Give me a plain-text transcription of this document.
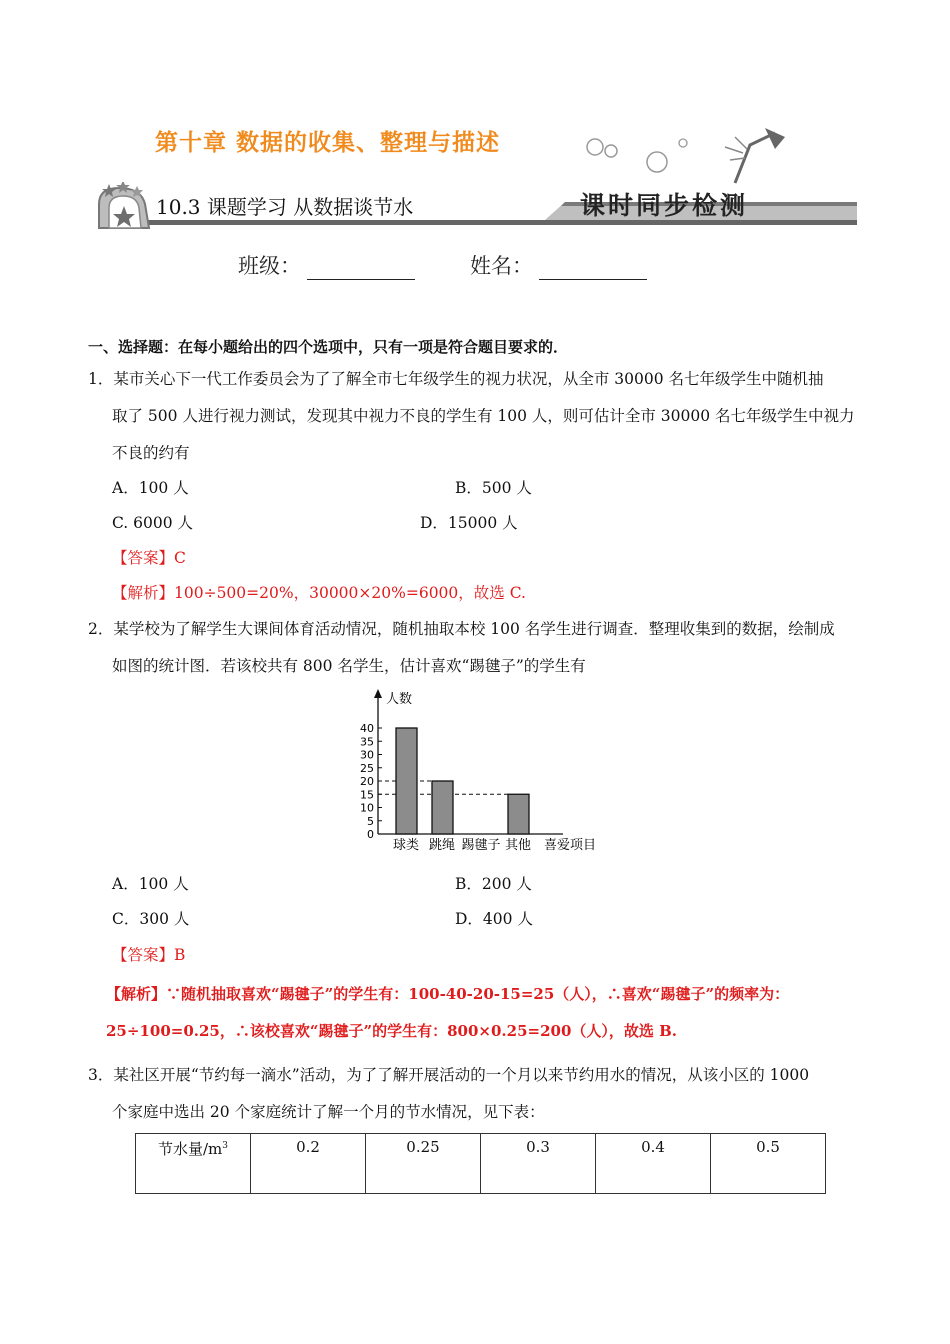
第十章 数据的收集、整理与描述
10.3 课题学习 从数据谈节水	课时同步检测
班级：	姓名：
一、选择题：在每小题给出的四个选项中，只有一项是符合题目要求的．
1．某市关心下一代工作委员会为了了解全市七年级学生的视力状况，从全市 30000 名七年级学生中随机抽
取了 500 人进行视力测试，发现其中视力不良的学生有 100 人，则可估计全市 30000 名七年级学生中视力
不良的约有
A．100 人	B．500 人
C. 6000 人	D．15000 人
【答案】C
【解析】100÷500=20%，30000×20%=6000，故选 C.
2．某学校为了解学生大课间体育活动情况，随机抽取本校 100 名学生进行调查．整理收集到的数据，绘制成
如图的统计图．若该校共有 800 名学生，估计喜欢“踢毽子”的学生有
人数
0
5
10
15
20
25
30
35
40
球类 跳绳 踢毽子 其他 喜爱项目
A．100 人	B．200 人
C．300 人	D．400 人
【答案】B
【解析】∵随机抽取喜欢“踢毽子”的学生有：100-40-20-15=25（人），∴喜欢“踢毽子”的频率为：
25÷100=0.25，∴该校喜欢“踢毽子”的学生有：800×0.25=200（人），故选 B.
3．某社区开展“节约每一滴水”活动，为了了解开展活动的一个月以来节约用水的情况，从该小区的 1000
个家庭中选出 20 个家庭统计了解一个月的节水情况，见下表：
节水量$/m^3$	0.2	0.25	0.3	0.4	0.5
